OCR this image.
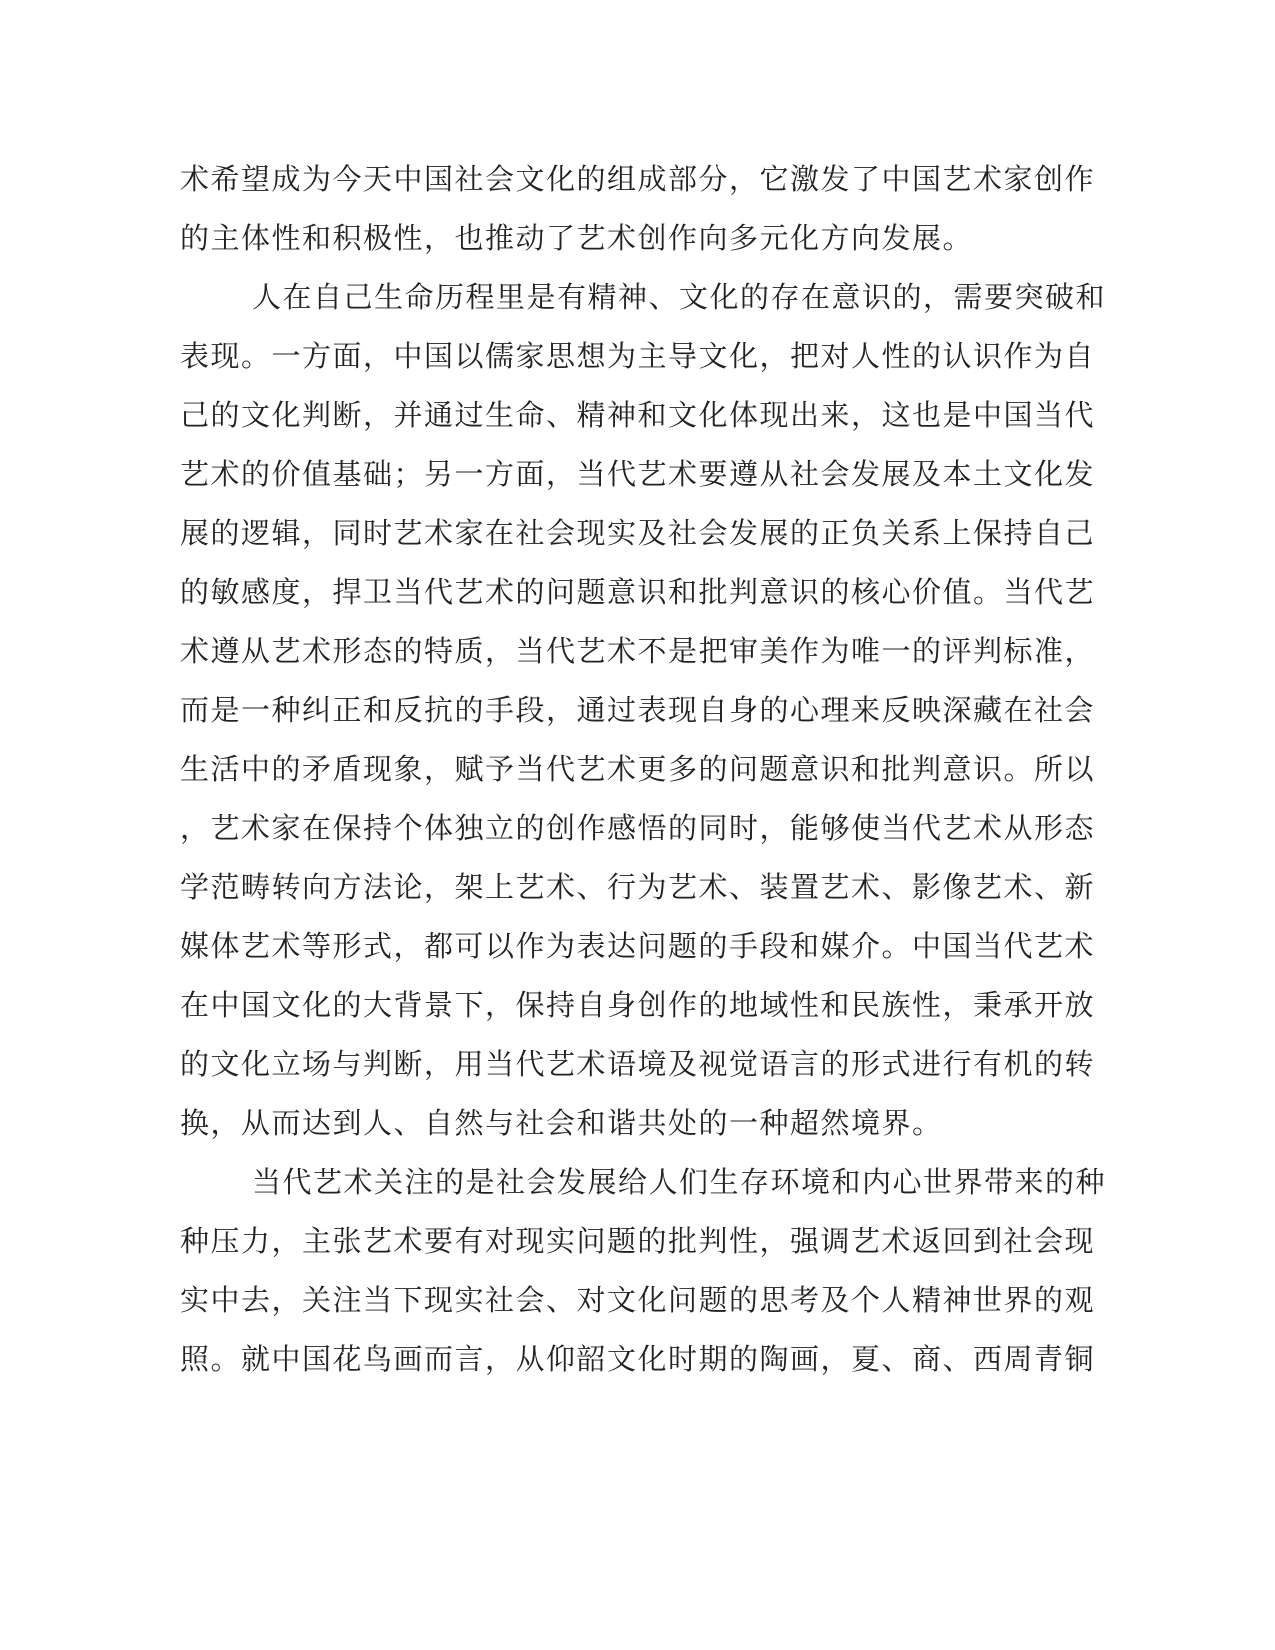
术希望成为今天中国社会文化的组成部分，它激发了中国艺术家创作
的主体性和积极性，也推动了艺术创作向多元化方向发展。
人在自己生命历程里是有精神、文化的存在意识的，需要突破和
表现。一方面，中国以儒家思想为主导文化，把对人性的认识作为自
己的文化判断，并通过生命、精神和文化体现出来，这也是中国当代
艺术的价值基础；另一方面，当代艺术要遵从社会发展及本土文化发
展的逻辑，同时艺术家在社会现实及社会发展的正负关系上保持自己
的敏感度，捍卫当代艺术的问题意识和批判意识的核心价值。当代艺
术遵从艺术形态的特质，当代艺术不是把审美作为唯一的评判标准，
而是一种纠正和反抗的手段，通过表现自身的心理来反映深藏在社会
生活中的矛盾现象，赋予当代艺术更多的问题意识和批判意识。所以
，艺术家在保持个体独立的创作感悟的同时，能够使当代艺术从形态
学范畴转向方法论，架上艺术、行为艺术、装置艺术、影像艺术、新
媒体艺术等形式，都可以作为表达问题的手段和媒介。中国当代艺术
在中国文化的大背景下，保持自身创作的地域性和民族性，秉承开放
的文化立场与判断，用当代艺术语境及视觉语言的形式进行有机的转
换，从而达到人、自然与社会和谐共处的一种超然境界。
当代艺术关注的是社会发展给人们生存环境和内心世界带来的种
种压力，主张艺术要有对现实问题的批判性，强调艺术返回到社会现
实中去，关注当下现实社会、对文化问题的思考及个人精神世界的观
照。就中国花鸟画而言，从仰韶文化时期的陶画，夏、商、西周青铜
